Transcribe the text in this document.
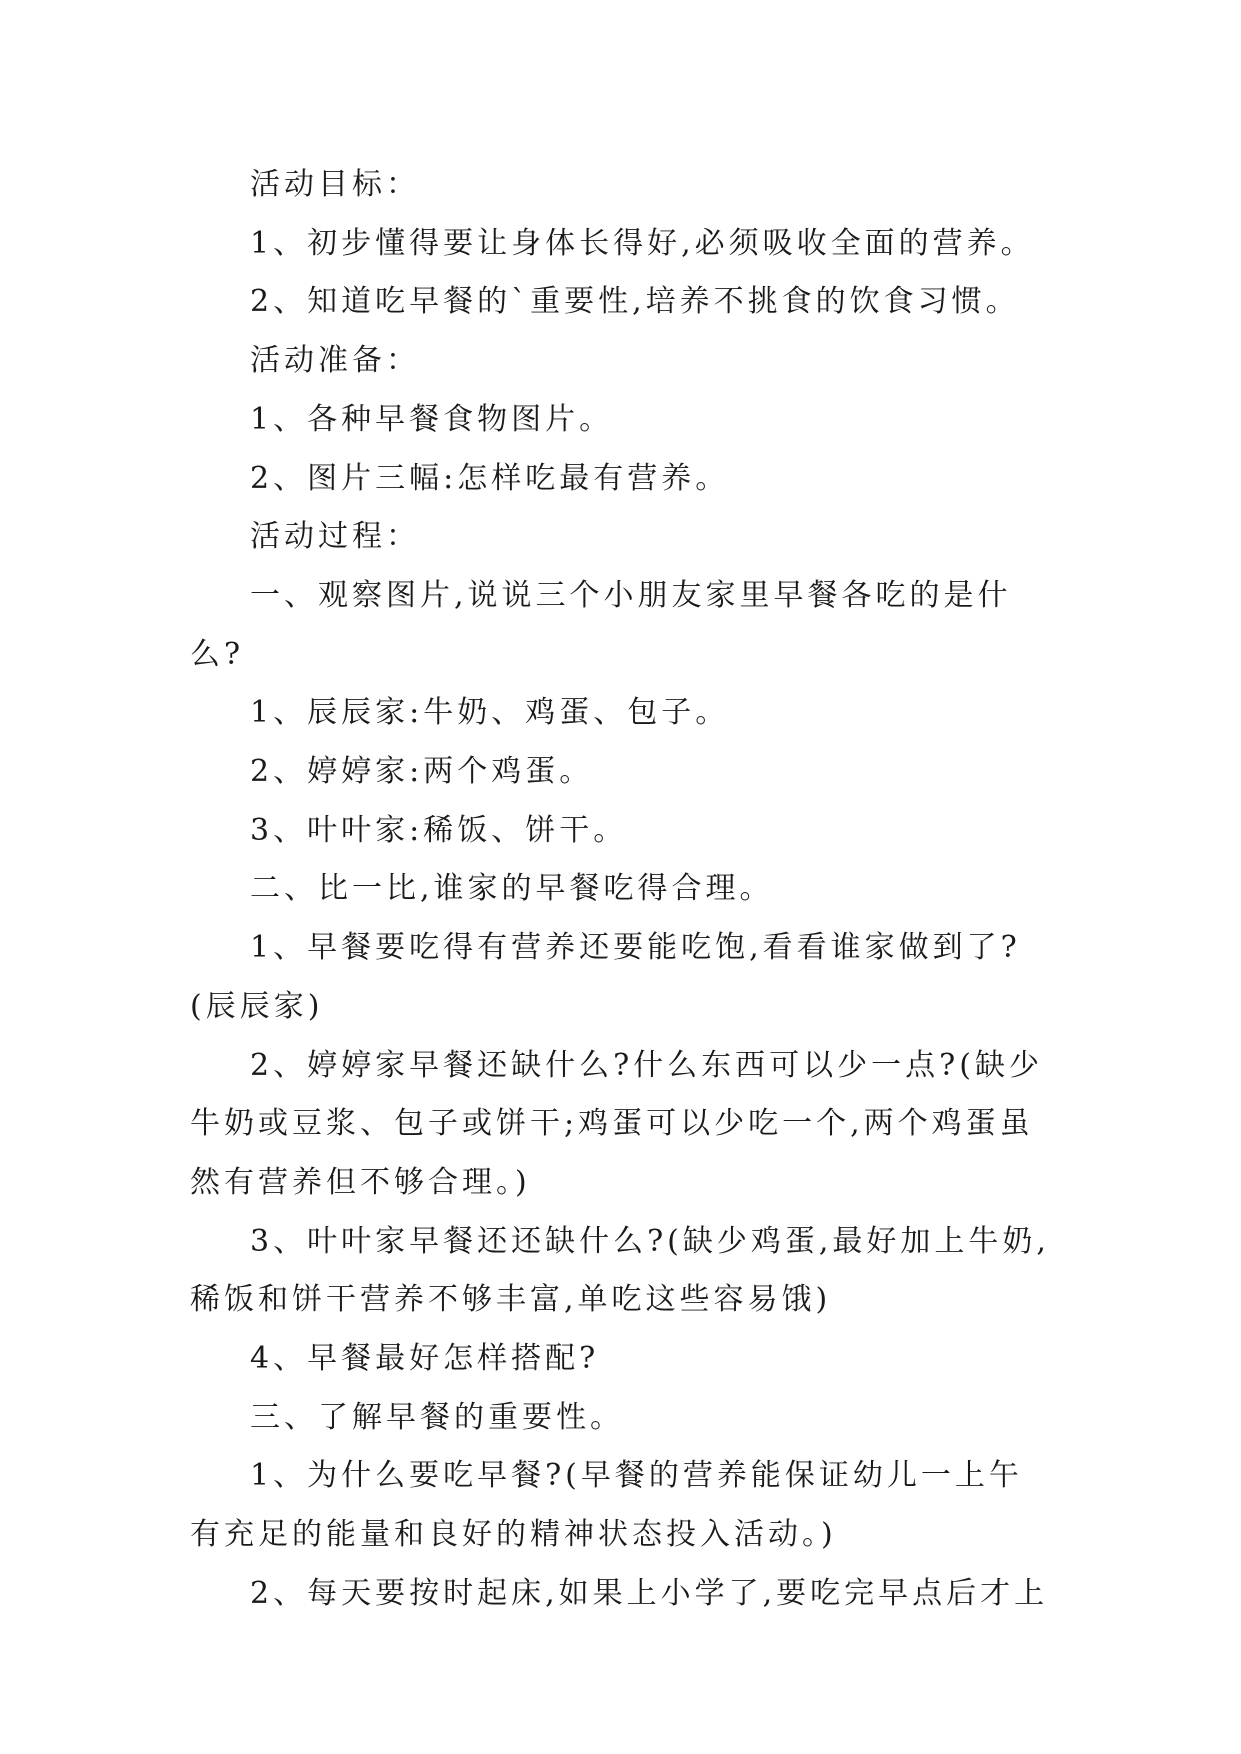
活动目标：

1、初步懂得要让身体长得好,必须吸收全面的营养。

2、知道吃早餐的`重要性,培养不挑食的饮食习惯。

活动准备：

1、各种早餐食物图片。

2、图片三幅:怎样吃最有营养。

活动过程：

一、观察图片,说说三个小朋友家里早餐各吃的是什么?

1、辰辰家:牛奶、鸡蛋、包子。

2、婷婷家:两个鸡蛋。

3、叶叶家:稀饭、饼干。

二、比一比,谁家的早餐吃得合理。

1、早餐要吃得有营养还要能吃饱,看看谁家做到了?(辰辰家)

2、婷婷家早餐还缺什么?什么东西可以少一点?(缺少牛奶或豆浆、包子或饼干;鸡蛋可以少吃一个,两个鸡蛋虽然有营养但不够合理。)

3、叶叶家早餐还还缺什么?(缺少鸡蛋,最好加上牛奶,稀饭和饼干营养不够丰富,单吃这些容易饿)

4、早餐最好怎样搭配?

三、了解早餐的重要性。

1、为什么要吃早餐?(早餐的营养能保证幼儿一上午有充足的能量和良好的精神状态投入活动。)

2、每天要按时起床,如果上小学了,要吃完早点后才上
